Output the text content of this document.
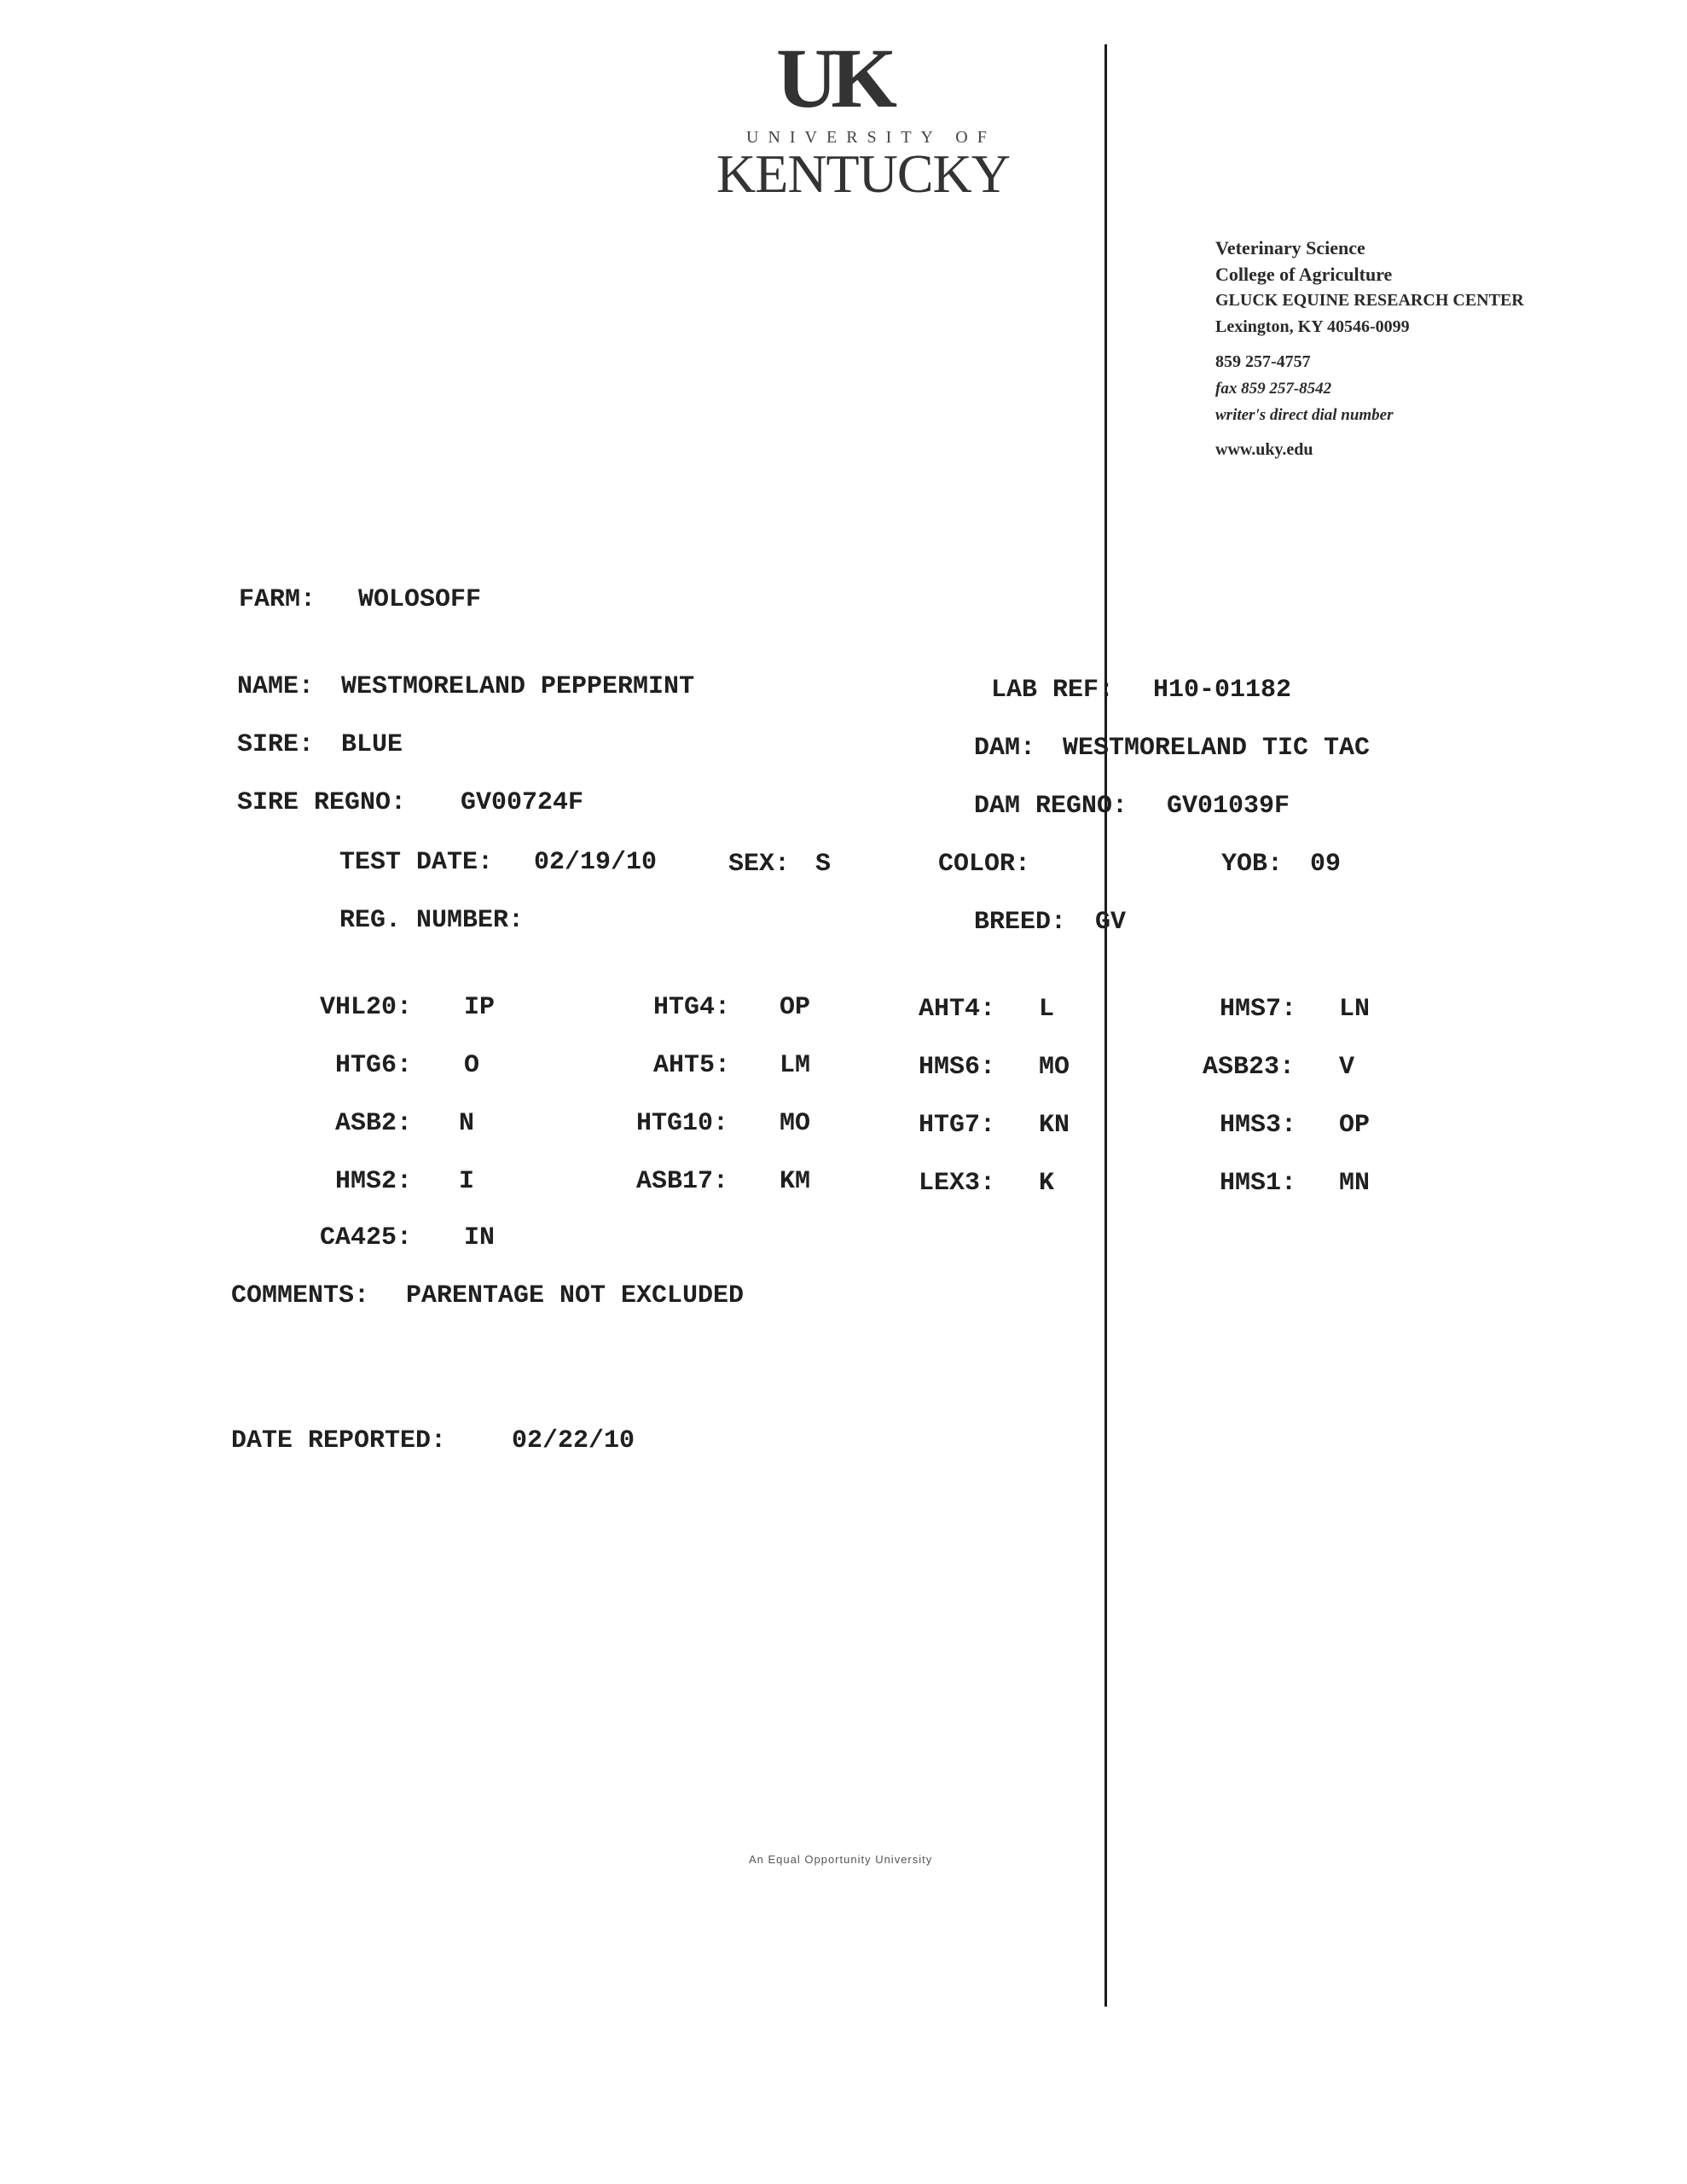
UK
UNIVERSITY OF
KENTUCKY
Veterinary Science
College of Agriculture
GLUCK EQUINE RESEARCH CENTER
Lexington, KY 40546-0099
859 257-4757
fax 859 257-8542
writer's direct dial number
www.uky.edu
FARM: WOLOSOFF
NAME: WESTMORELAND PEPPERMINT	LAB REF: H10-01182
SIRE: BLUE	DAM: WESTMORELAND TIC TAC
SIRE REGNO: GV00724F	DAM REGNO: GV01039F
TEST DATE: 02/19/10	SEX: S	COLOR:	YOB: 09
REG. NUMBER:	BREED: GV
VHL20: IP	HTG4: OP	AHT4: L	HMS7: LN
HTG6: O	AHT5: LM	HMS6: MO	ASB23: V
ASB2: N	HTG10: MO	HTG7: KN	HMS3: OP
HMS2: I	ASB17: KM	LEX3: K	HMS1: MN
CA425: IN
COMMENTS: PARENTAGE NOT EXCLUDED
DATE REPORTED:	02/22/10
An Equal Opportunity University
